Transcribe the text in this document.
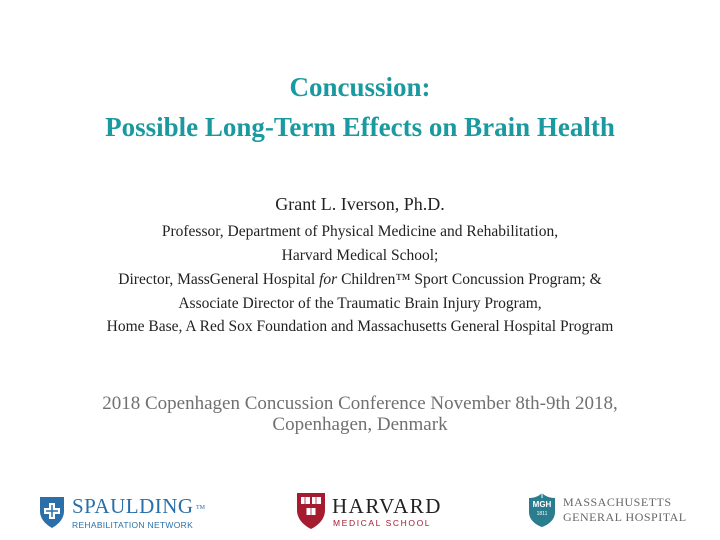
Concussion:
Possible Long-Term Effects on Brain Health
Grant L. Iverson, Ph.D.
Professor, Department of Physical Medicine and Rehabilitation,
Harvard Medical School;
Director, MassGeneral Hospital for Children™ Sport Concussion Program; &
Associate Director of the Traumatic Brain Injury Program,
Home Base, A Red Sox Foundation and Massachusetts General Hospital Program
2018 Copenhagen Concussion Conference November 8th-9th 2018,
Copenhagen, Denmark
SPAULDING TM
REHABILITATION NETWORK
HARVARD
MEDICAL SCHOOL
MGH
1811
MASSACHUSETTS
GENERAL HOSPITAL
